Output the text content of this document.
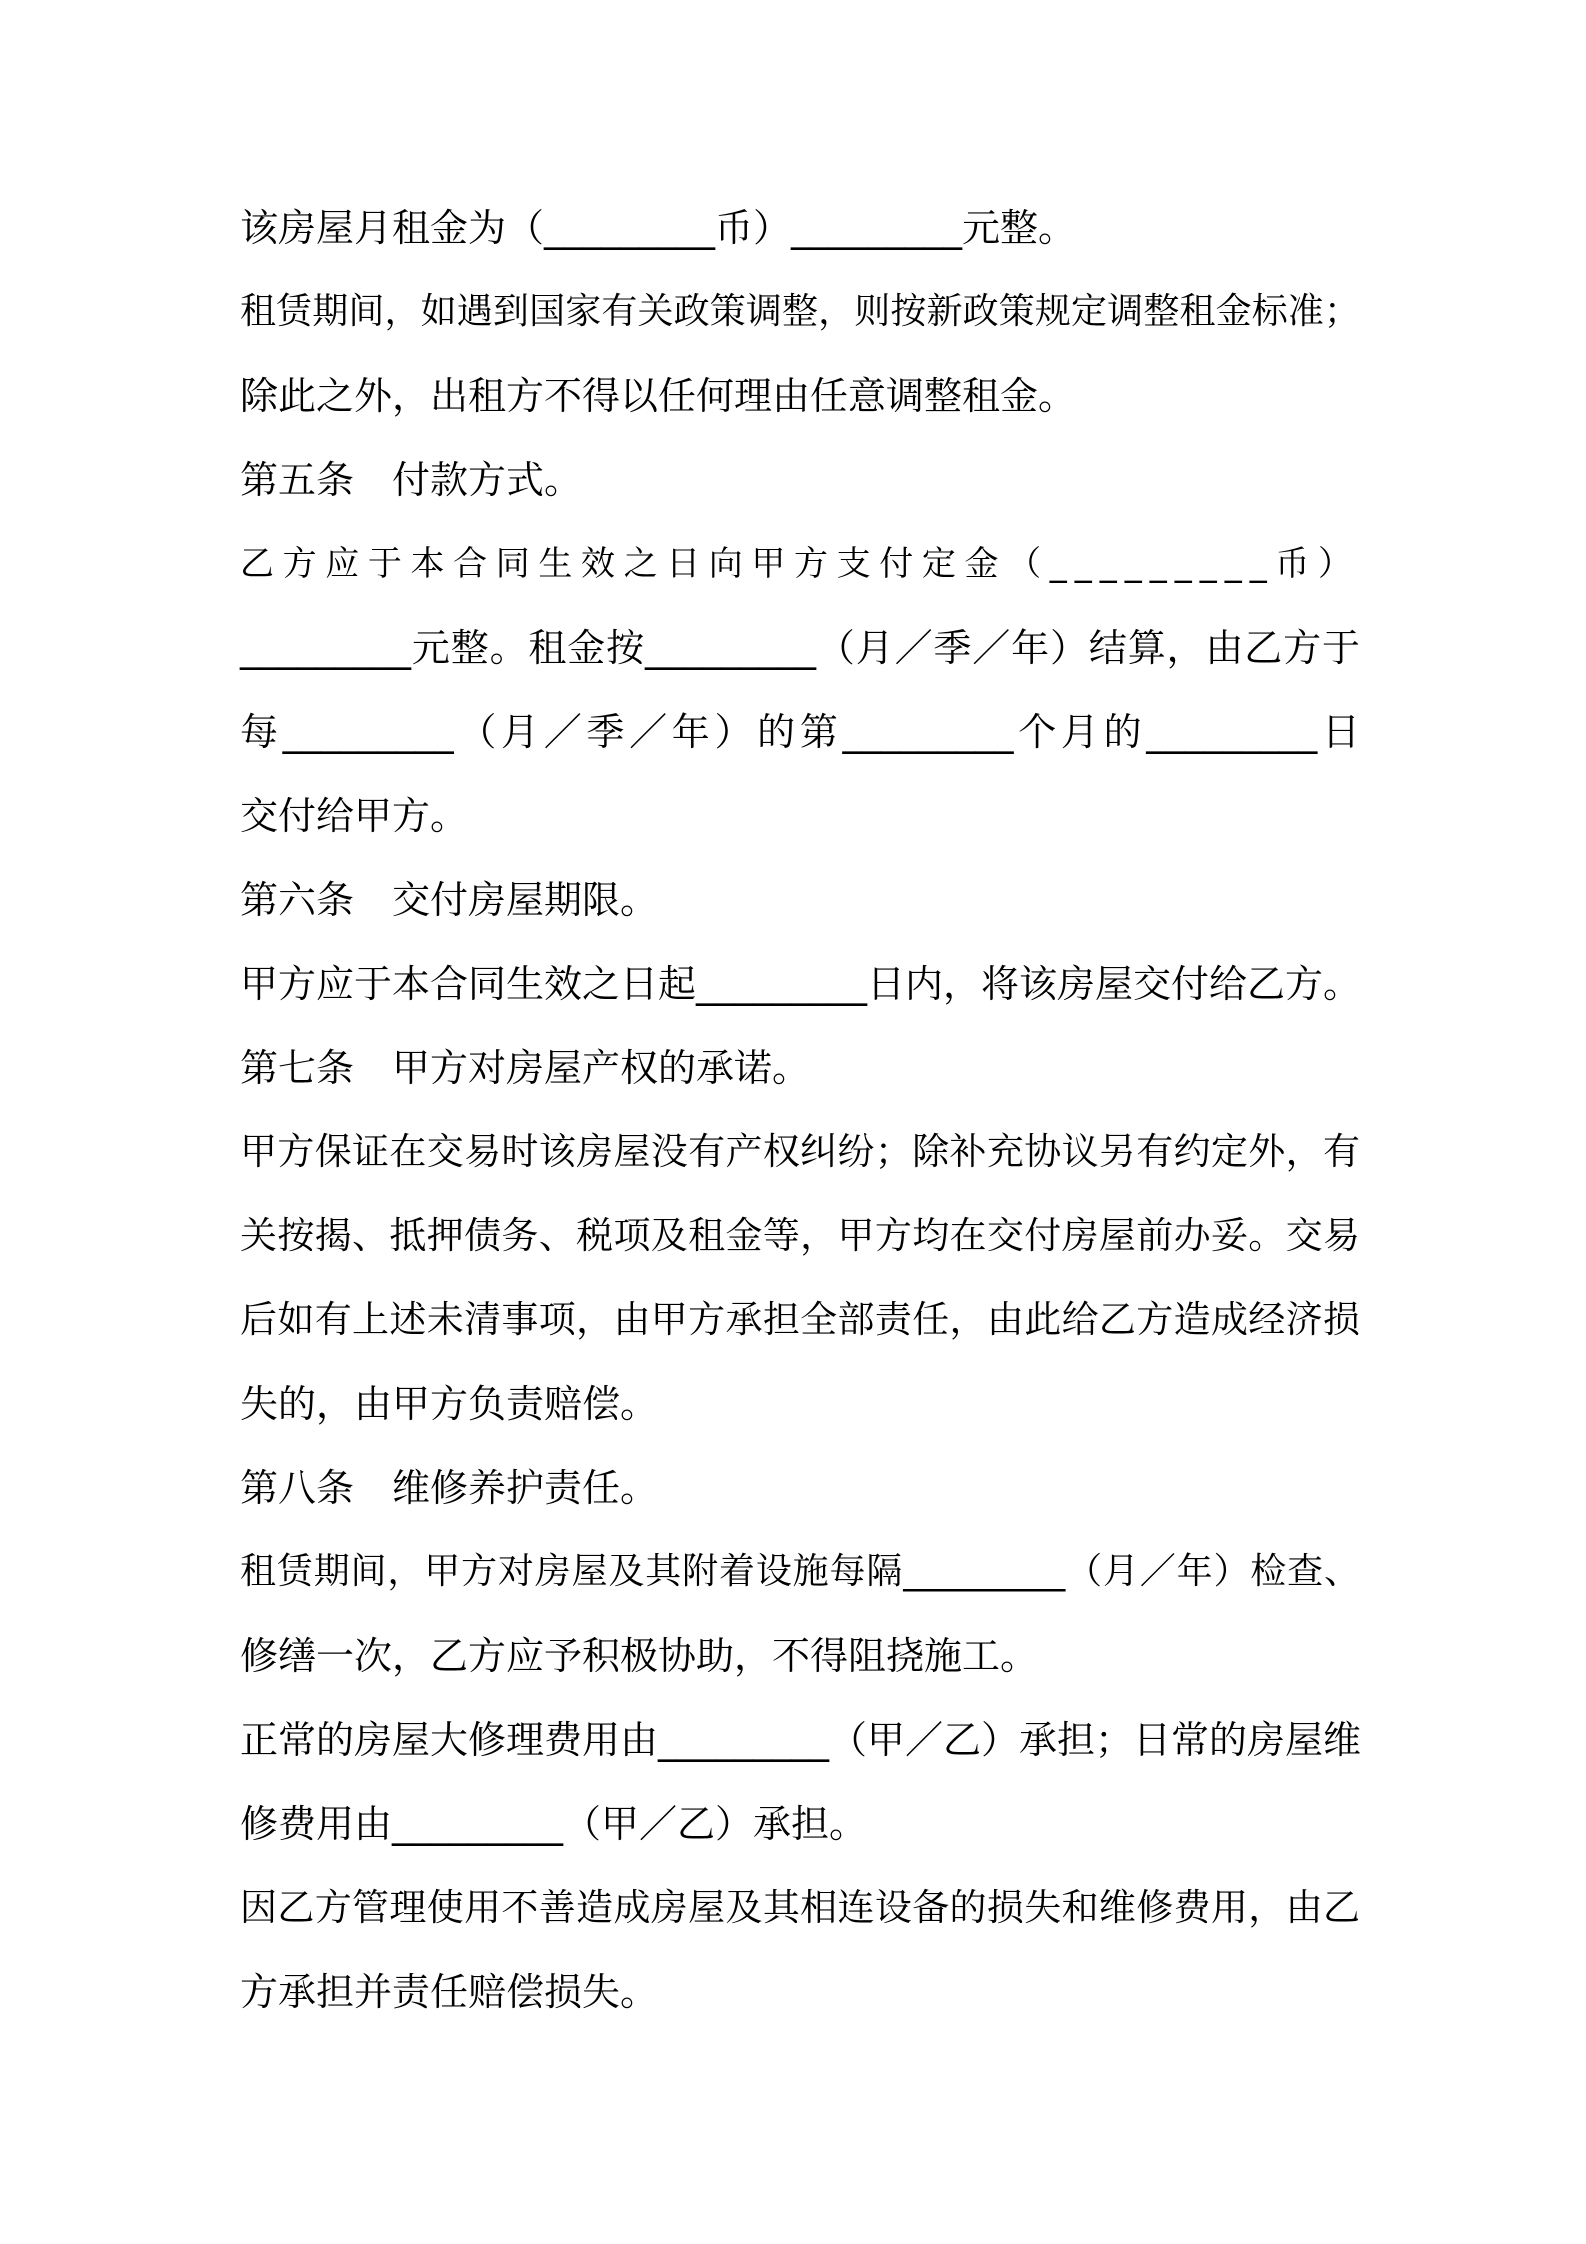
该房屋月租金为（_________币）_________元整。
租赁期间，如遇到国家有关政策调整，则按新政策规定调整租金标准；
除此之外，出租方不得以任何理由任意调整租金。
第五条　付款方式。
乙方应于本合同生效之日向甲方支付定金（_________币）
_________元整。租金按_________（月／季／年）结算，由乙方于
每_________（月／季／年）的第_________个月的_________日
交付给甲方。
第六条　交付房屋期限。
甲方应于本合同生效之日起_________日内，将该房屋交付给乙方。
第七条　甲方对房屋产权的承诺。
甲方保证在交易时该房屋没有产权纠纷；除补充协议另有约定外，有
关按揭、抵押债务、税项及租金等，甲方均在交付房屋前办妥。交易
后如有上述未清事项，由甲方承担全部责任，由此给乙方造成经济损
失的，由甲方负责赔偿。
第八条　维修养护责任。
租赁期间，甲方对房屋及其附着设施每隔_________（月／年）检查、
修缮一次，乙方应予积极协助，不得阻挠施工。
正常的房屋大修理费用由_________（甲／乙）承担；日常的房屋维
修费用由_________（甲／乙）承担。
因乙方管理使用不善造成房屋及其相连设备的损失和维修费用，由乙
方承担并责任赔偿损失。
